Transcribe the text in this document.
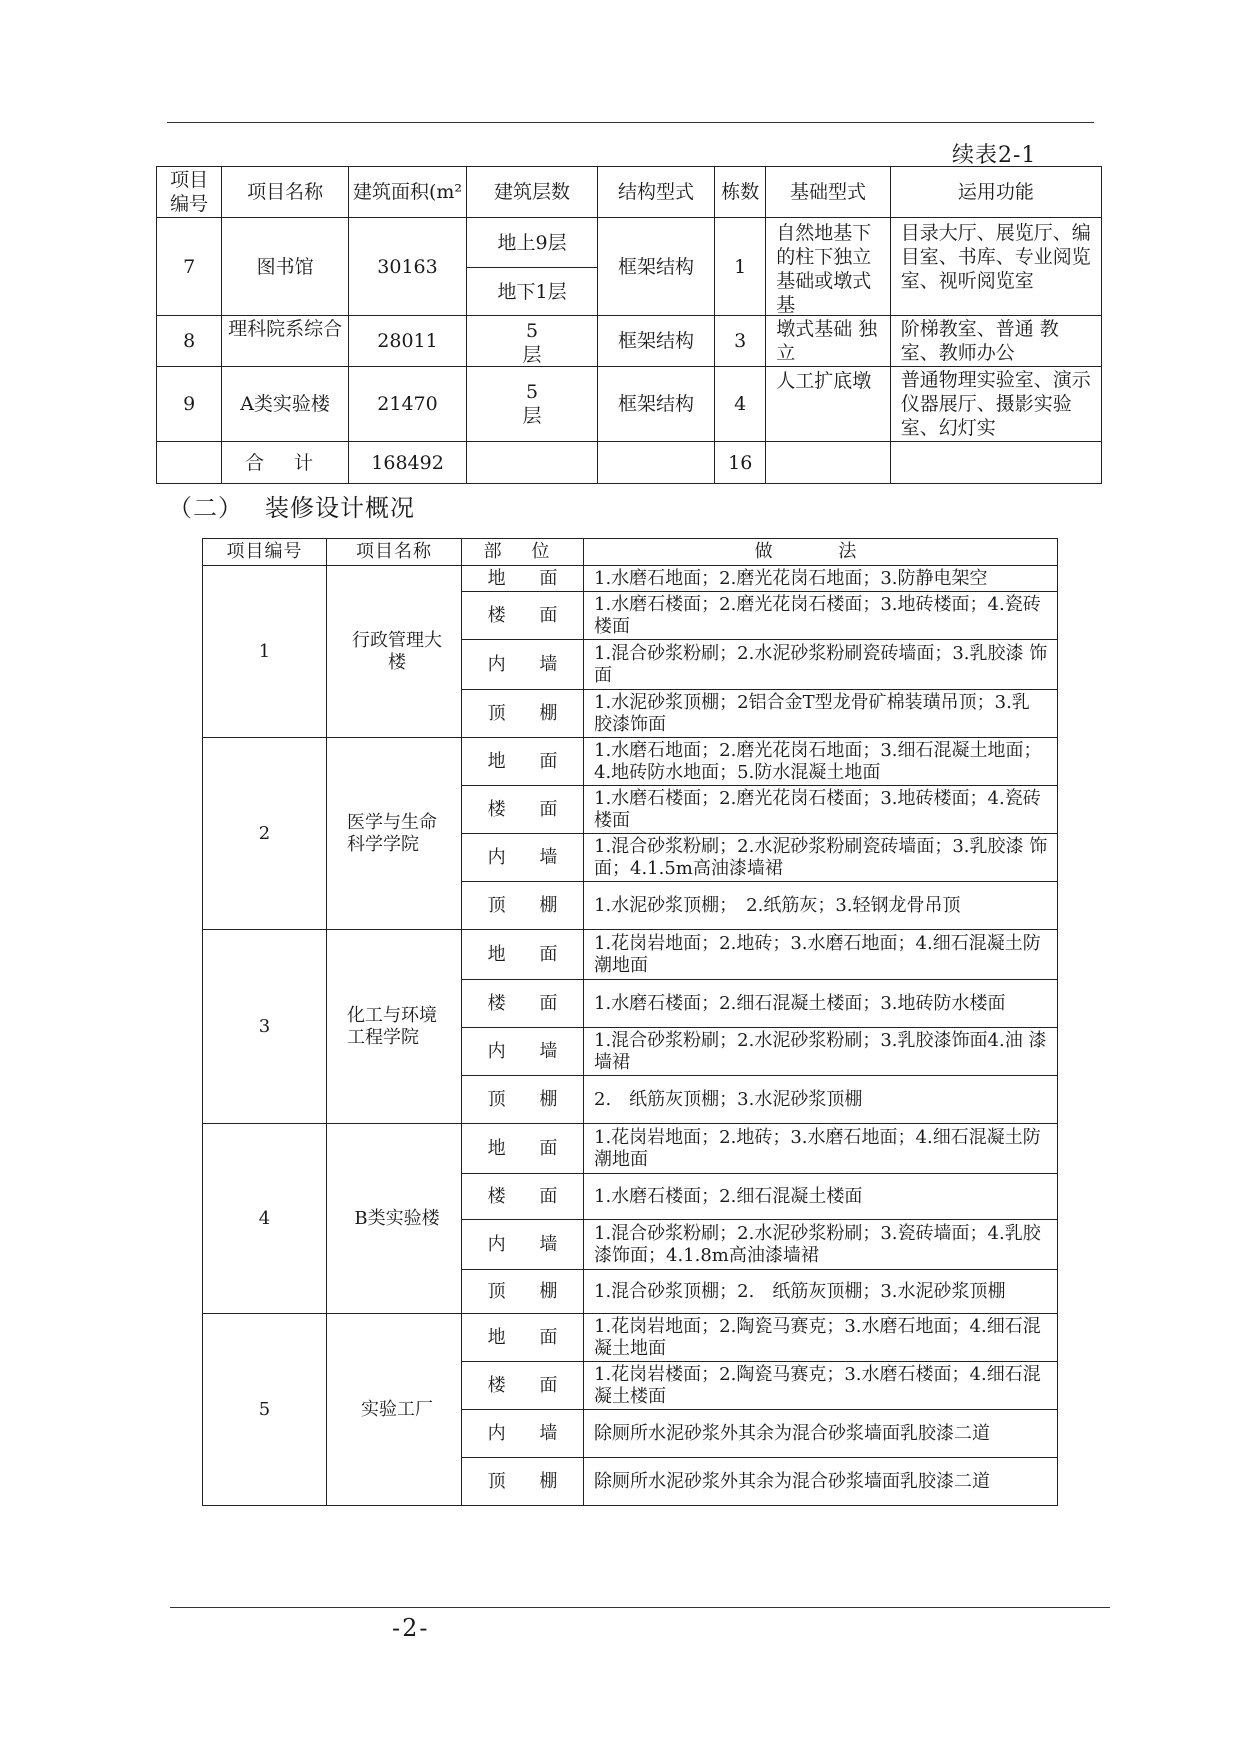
续表2-1
项目编号	项目名称	建筑面积(m²	建筑层数	结构型式	栋数	基础型式	运用功能
7	图书馆	30163	地上9层	框架结构	1	自然地基下的柱下独立基础或墩式基	目录大厅、展览厅、编目室、书库、专业阅览室、视听阅览室

			地下1层				
8	理科院系综合	28011	5层	框架结构	3	墩式基础 独立	阶梯教室、普通 教 室、教师办公

9	A类实验楼	21470	5层	框架结构	4	人工扩底墩	普通物理实验室、演示仪器展厅、摄影实验室、幻灯实

	合 计	168492			16		
（二） 装修设计概况
项目编号	项目名称	部 位	做 法
1	行政管理大楼	地 面	1.水磨石地面；2.磨光花岗石地面；3.防静电架空

		楼 面	1.水磨石楼面；2.磨光花岗石楼面；3.地砖楼面；4.瓷砖 楼面

		内 墙	1.混合砂浆粉刷；2.水泥砂浆粉刷瓷砖墙面；3.乳胶漆 饰面

		顶 棚	1.水泥砂浆顶棚；2铝合金T型龙骨矿棉装璜吊顶；3.乳 胶漆饰面

2	医学与生命 科学学院	地 面	1.水磨石地面；2.磨光花岗石地面；3.细石混凝土地面；4.地砖防水地面；5.防水混凝土地面

		楼 面	1.水磨石楼面；2.磨光花岗石楼面；3.地砖楼面；4.瓷砖 楼面

		内 墙	1.混合砂浆粉刷；2.水泥砂浆粉刷瓷砖墙面；3.乳胶漆 饰面；4.1.5m高油漆墙裙

		顶 棚	1.水泥砂浆顶棚；　2.纸筋灰；3.轻钢龙骨吊顶

3	化工与环境 工程学院	地 面	1.花岗岩地面；2.地砖；3.水磨石地面；4.细石混凝土防 潮地面

		楼 面	1.水磨石楼面；2.细石混凝土楼面；3.地砖防水楼面

		内 墙	1.混合砂浆粉刷；2.水泥砂浆粉刷；3.乳胶漆饰面4.油 漆墙裙

		顶 棚	2.　纸筋灰顶棚；3.水泥砂浆顶棚

4	B类实验楼	地 面	1.花岗岩地面；2.地砖；3.水磨石地面；4.细石混凝土防 潮地面

		楼 面	1.水磨石楼面；2.细石混凝土楼面

		内 墙	1.混合砂浆粉刷；2.水泥砂浆粉刷；3.瓷砖墙面；4.乳胶 漆饰面；4.1.8m高油漆墙裙

		顶 棚	1.混合砂浆顶棚；2.　纸筋灰顶棚；3.水泥砂浆顶棚

5	实验工厂	地 面	1.花岗岩地面；2.陶瓷马赛克；3.水磨石地面；4.细石混 凝土地面

		楼 面	1.花岗岩楼面；2.陶瓷马赛克；3.水磨石楼面；4.细石混 凝土楼面

		内 墙	除厕所水泥砂浆外其余为混合砂浆墙面乳胶漆二道

		顶 棚	除厕所水泥砂浆外其余为混合砂浆墙面乳胶漆二道
-2-
